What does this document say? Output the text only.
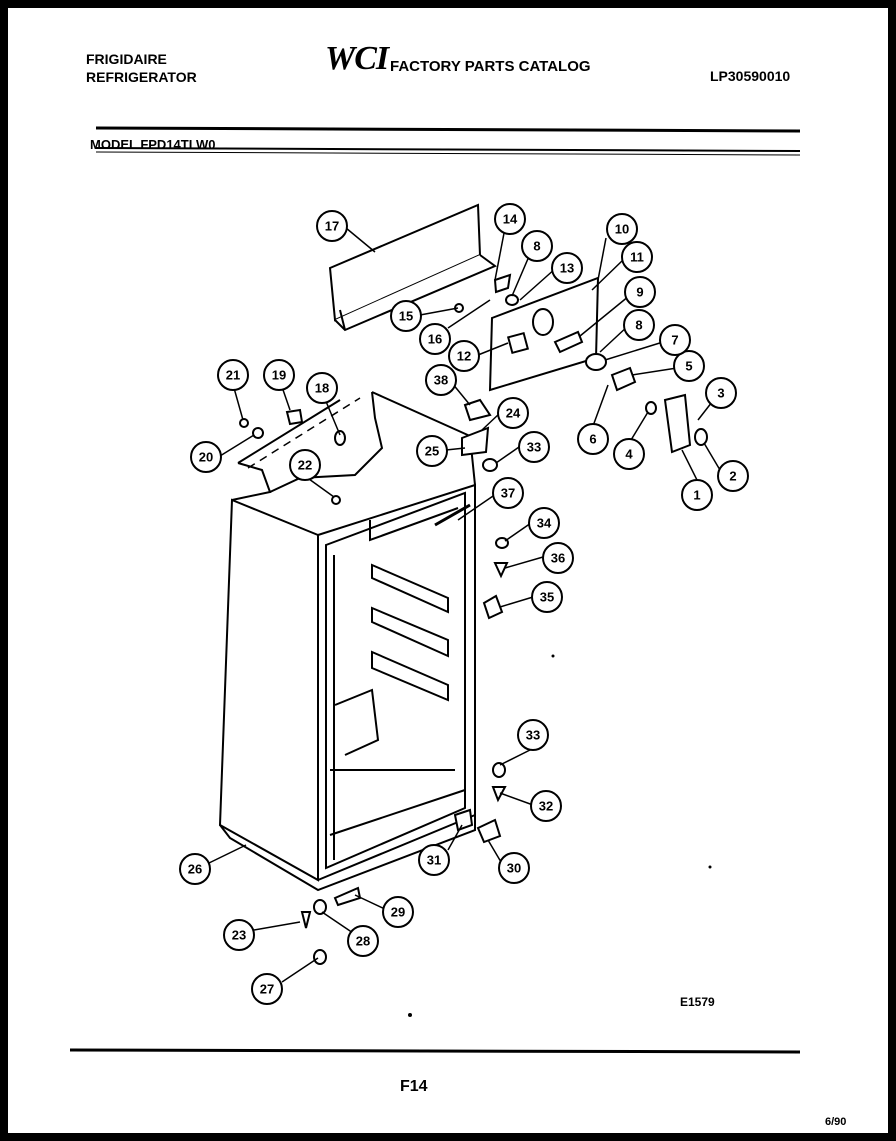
FRIGIDAIRE
REFRIGERATOR	WCI FACTORY PARTS CATALOG
LP30590010
MODEL FPD14TLW0
E1579
F14
6/90
1
2
3
4
5
6
7
8
8
9
10
11
12
13
14
15
16
17
18
19
20
21
22
23
24
25
26
27
28
29
30
31
32
33
33
34
35
36
37
38
